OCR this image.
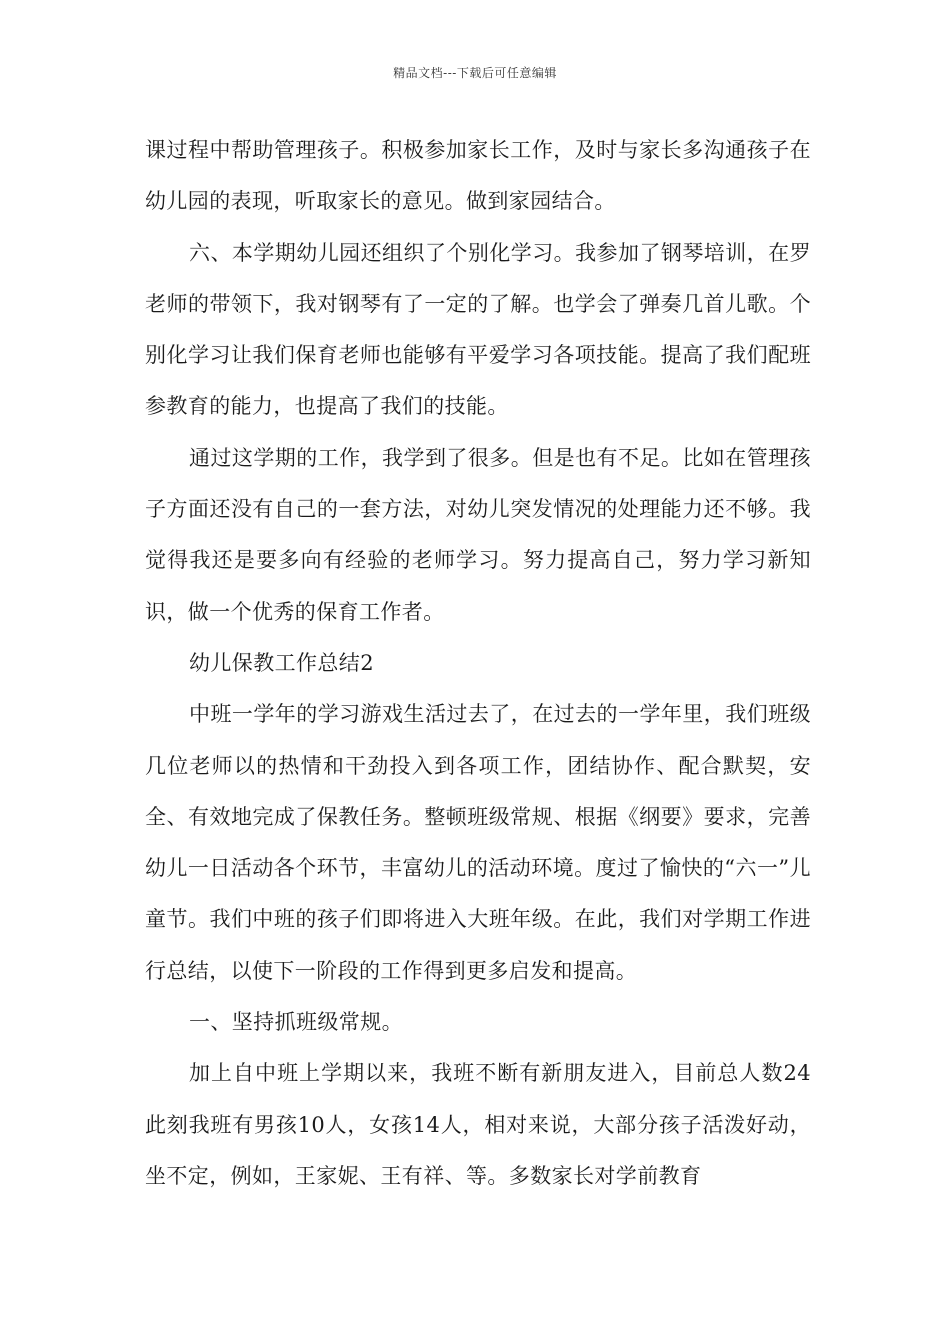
精品文档---下载后可任意编辑

课过程中帮助管理孩子。积极参加家长工作，及时与家长多沟通孩子在幼儿园的表现，听取家长的意见。做到家园结合。

六、本学期幼儿园还组织了个别化学习。我参加了钢琴培训，在罗老师的带领下，我对钢琴有了一定的了解。也学会了弹奏几首儿歌。个别化学习让我们保育老师也能够有平爱学习各项技能。提高了我们配班参教育的能力，也提高了我们的技能。

通过这学期的工作，我学到了很多。但是也有不足。比如在管理孩子方面还没有自己的一套方法，对幼儿突发情况的处理能力还不够。我觉得我还是要多向有经验的老师学习。努力提高自己，努力学习新知识，做一个优秀的保育工作者。

幼儿保教工作总结2

中班一学年的学习游戏生活过去了，在过去的一学年里，我们班级几位老师以的热情和干劲投入到各项工作，团结协作、配合默契，安全、有效地完成了保教任务。整顿班级常规、根据《纲要》要求，完善幼儿一日活动各个环节，丰富幼儿的活动环境。度过了愉快的“六一”儿童节。我们中班的孩子们即将进入大班年级。在此，我们对学期工作进行总结，以使下一阶段的工作得到更多启发和提高。

一、坚持抓班级常规。

加上自中班上学期以来，我班不断有新朋友进入，目前总人数24此刻我班有男孩10人，女孩14人，相对来说，大部分孩子活泼好动，坐不定，例如，王家妮、王有祥、等。多数家长对学前教育
